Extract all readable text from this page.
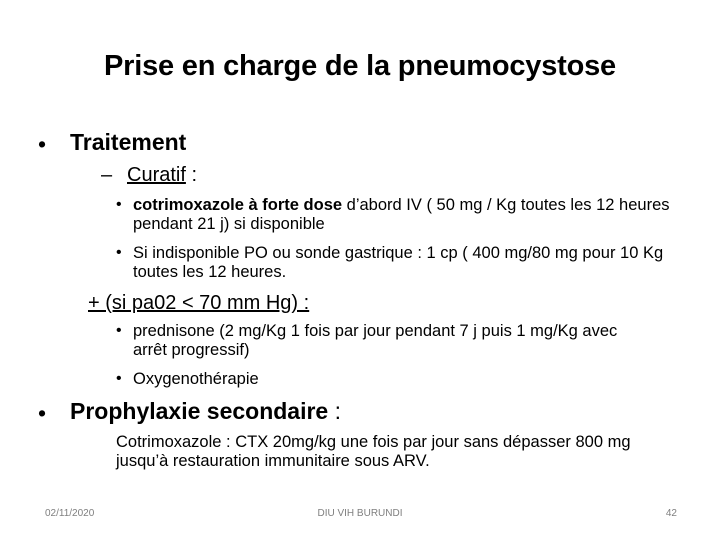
Prise en charge de la pneumocystose
• Traitement
– Curatif :
• cotrimoxazole à forte dose d’abord IV ( 50 mg / Kg toutes les 12 heures pendant 21 j) si disponible
• Si indisponible PO ou sonde gastrique : 1 cp ( 400 mg/80 mg pour 10 Kg toutes les 12 heures.
+ (si pa02 < 70 mm Hg) :
• prednisone (2 mg/Kg 1 fois par jour pendant 7 j puis 1 mg/Kg avec arrêt progressif)
• Oxygenothérapie
• Prophylaxie secondaire :
Cotrimoxazole : CTX 20mg/kg une fois par jour sans dépasser 800 mg jusqu’à restauration immunitaire sous ARV.
02/11/2020	DIU VIH BURUNDI	42
